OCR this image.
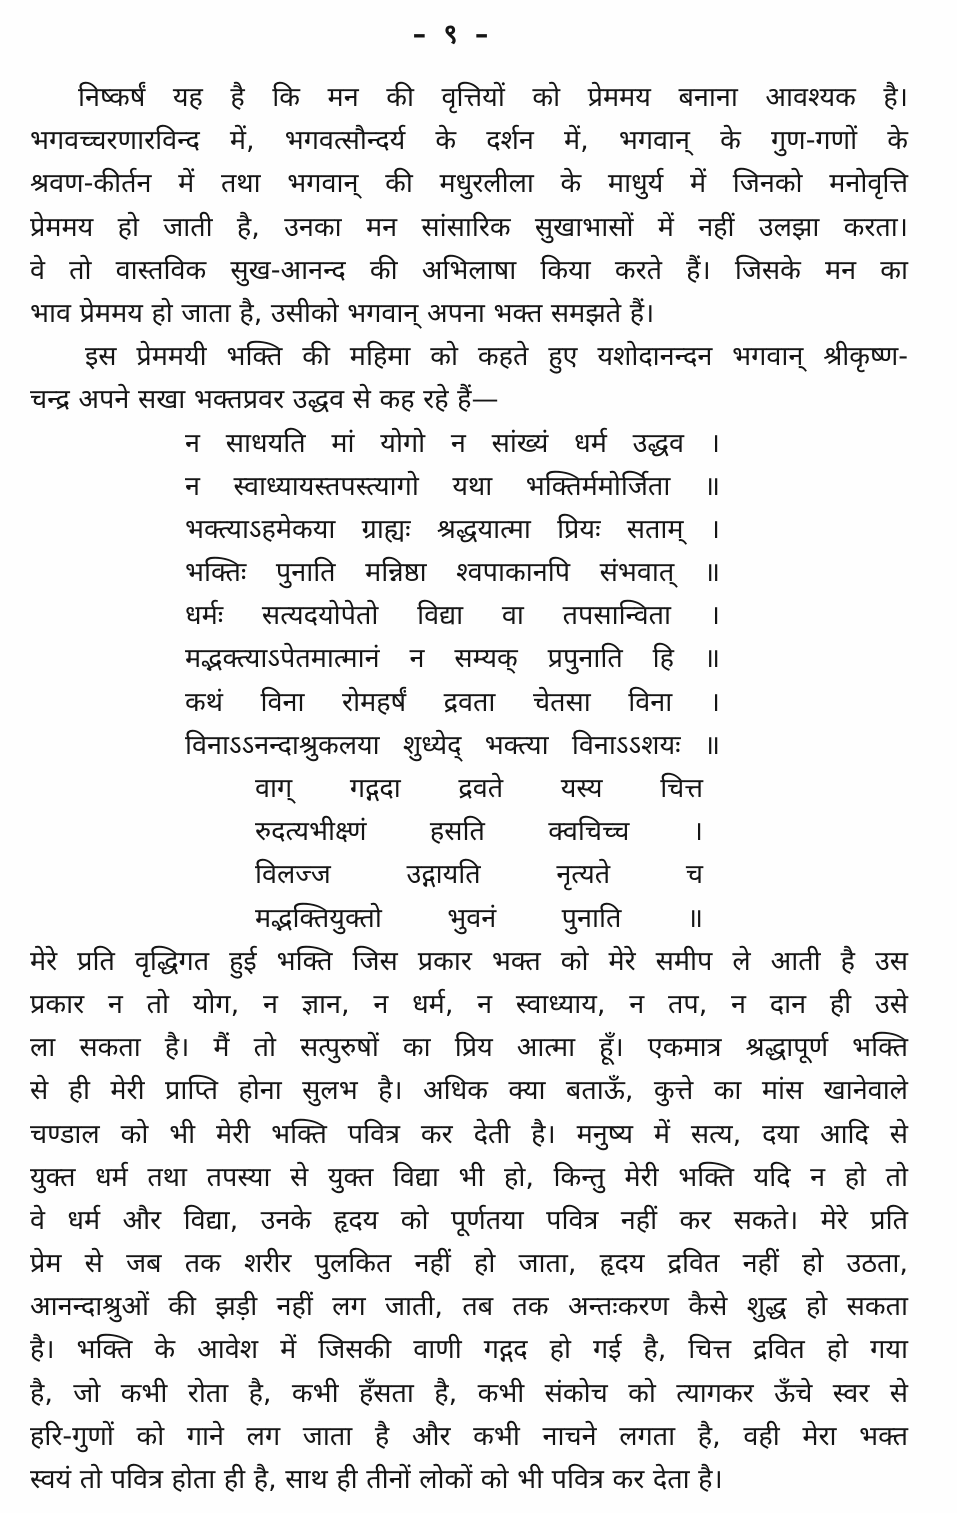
– ९ –
निष्कर्षं यह है कि मन की वृत्तियों को प्रेममय बनाना आवश्यक है।
भगवच्चरणारविन्द में, भगवत्सौन्दर्य के दर्शन में, भगवान् के गुण-गणों के
श्रवण-कीर्तन में तथा भगवान् की मधुरलीला के माधुर्य में जिनको मनोवृत्ति
प्रेममय हो जाती है, उनका मन सांसारिक सुखाभासों में नहीं उलझा करता।
वे तो वास्तविक सुख-आनन्द की अभिलाषा किया करते हैं। जिसके मन का
भाव प्रेममय हो जाता है, उसीको भगवान् अपना भक्त समझते हैं।
इस प्रेममयी भक्ति की महिमा को कहते हुए यशोदानन्दन भगवान् श्रीकृष्ण-
चन्द्र अपने सखा भक्तप्रवर उद्धव से कह रहे हैं—
न साधयति मां योगो न सांख्यं धर्म उद्धव ।
न स्वाध्यायस्तपस्त्यागो यथा भक्तिर्ममोर्जिता ॥
भक्त्याऽहमेकया ग्राह्यः श्रद्धयात्मा प्रियः सताम् ।
भक्तिः पुनाति मन्निष्ठा श्वपाकानपि संभवात् ॥
धर्मः सत्यदयोपेतो विद्या वा तपसान्विता ।
मद्भक्त्याऽपेतमात्मानं न सम्यक् प्रपुनाति हि ॥
कथं विना रोमहर्षं द्रवता चेतसा विना ।
विनाऽऽनन्दाश्रुकलया शुध्येद् भक्त्या विनाऽऽशयः ॥
वाग् गद्गदा द्रवते यस्य चित्त
रुदत्यभीक्ष्णं हसति क्वचिच्च ।
विलज्ज उद्गायति नृत्यते च
मद्भक्तियुक्तो भुवनं पुनाति ॥
मेरे प्रति वृद्धिगत हुई भक्ति जिस प्रकार भक्त को मेरे समीप ले आती है उस
प्रकार न तो योग, न ज्ञान, न धर्म, न स्वाध्याय, न तप, न दान ही उसे
ला सकता है। मैं तो सत्पुरुषों का प्रिय आत्मा हूँ। एकमात्र श्रद्धापूर्ण भक्ति
से ही मेरी प्राप्ति होना सुलभ है। अधिक क्या बताऊँ, कुत्ते का मांस खानेवाले
चण्डाल को भी मेरी भक्ति पवित्र कर देती है। मनुष्य में सत्य, दया आदि से
युक्त धर्म तथा तपस्या से युक्त विद्या भी हो, किन्तु मेरी भक्ति यदि न हो तो
वे धर्म और विद्या, उनके हृदय को पूर्णतया पवित्र नहीं कर सकते। मेरे प्रति
प्रेम से जब तक शरीर पुलकित नहीं हो जाता, हृदय द्रवित नहीं हो उठता,
आनन्दाश्रुओं की झड़ी नहीं लग जाती, तब तक अन्तःकरण कैसे शुद्ध हो सकता
है। भक्ति के आवेश में जिसकी वाणी गद्गद हो गई है, चित्त द्रवित हो गया
है, जो कभी रोता है, कभी हँसता है, कभी संकोच को त्यागकर ऊँचे स्वर से
हरि-गुणों को गाने लग जाता है और कभी नाचने लगता है, वही मेरा भक्त
स्वयं तो पवित्र होता ही है, साथ ही तीनों लोकों को भी पवित्र कर देता है।
